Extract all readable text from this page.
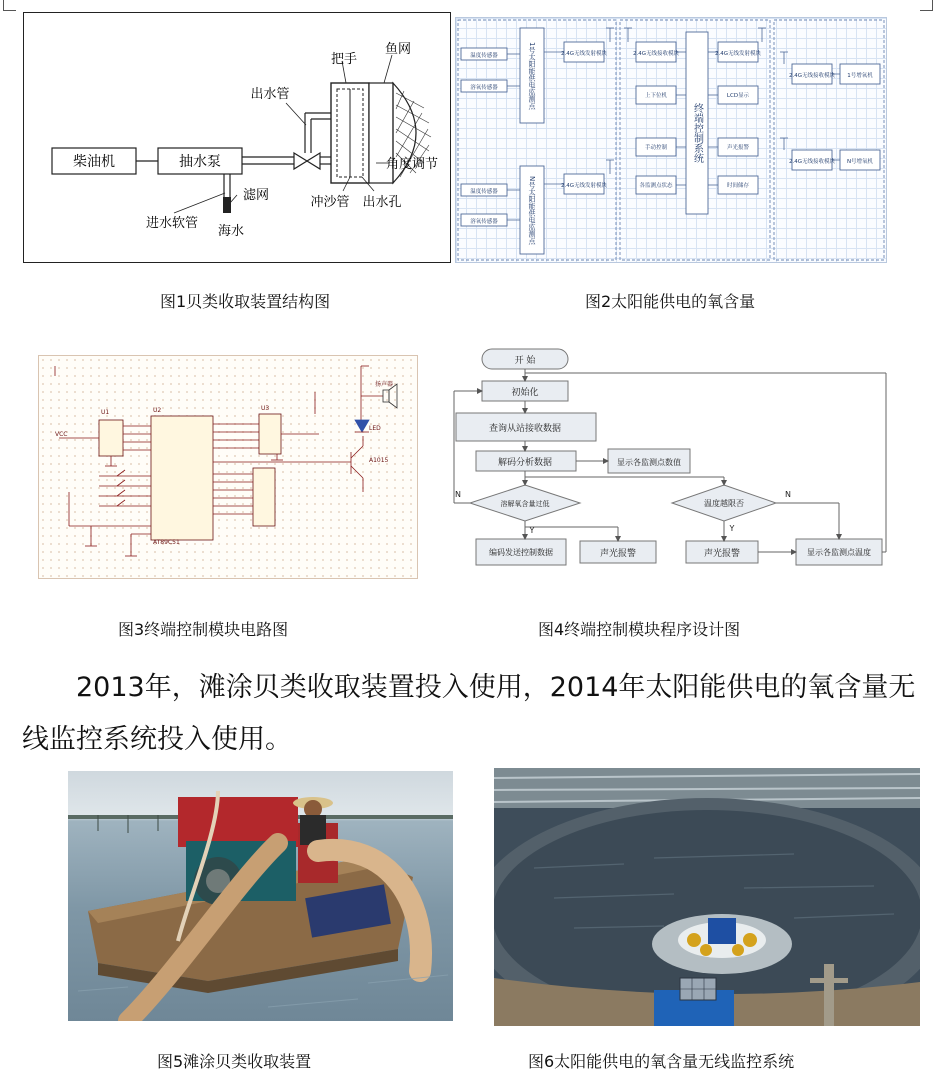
柴油机	抽水泵
出水管
把手
鱼网
角度调节
冲沙管 出水孔
滤网
进水软管
海水
图1贝类收取装置结构图
温度传感器
溶氧传感器
温度传感器
溶氧传感器
2.4G无线发射模块
2.4G无线发射模块
2.4G无线接收模块	2.4G无线发射模块
上下位机	LCD显示
手动控制	声光报警
各监测点状态	时间储存
2.4G无线接收模块 1号增氧机
2.4G无线接收模块 N号增氧机
1号太阳能供电监测点
N号太阳能供电监测点
终端控制系统
图2太阳能供电的氧含量
U1	U2	U3
VCC
LED
扬声器
AT89C51
A1015
图3终端控制模块电路图
开 始
初始化
查询从站接收数据
解码分析数据	显示各监测点数值
溶解氧含量过低	温度越限否
编码发送控制数据	声光报警	声光报警	显示各监测点温度
Y	Y
N	N
图4终端控制模块程序设计图
2013年，滩涂贝类收取装置投入使用，2014年太阳能供电的氧含量无线监控系统投入使用。
图5滩涂贝类收取装置	图6太阳能供电的氧含量无线监控系统
